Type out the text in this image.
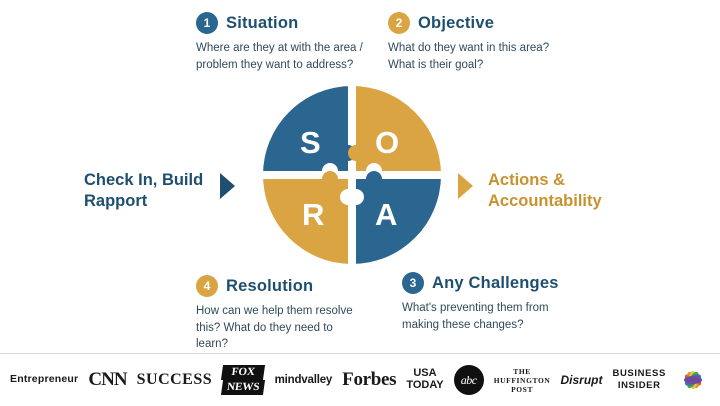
1 Situation
Where are they at with the area / problem they want to address?
2 Objective
What do they want in this area? What is their goal?
4 Resolution
How can we help them resolve this? What do they need to learn?
3 Any Challenges
What's preventing them from making these changes?
Check In, Build Rapport
Actions & Accountability
S O
R A
Entrepreneur CNN SUCCESS	FOX
NEWS
mindvalley Forbes	USA
TODAY	abc
THE
HUFFINGTON
POST
Disrupt BUSINESS
INSIDER
